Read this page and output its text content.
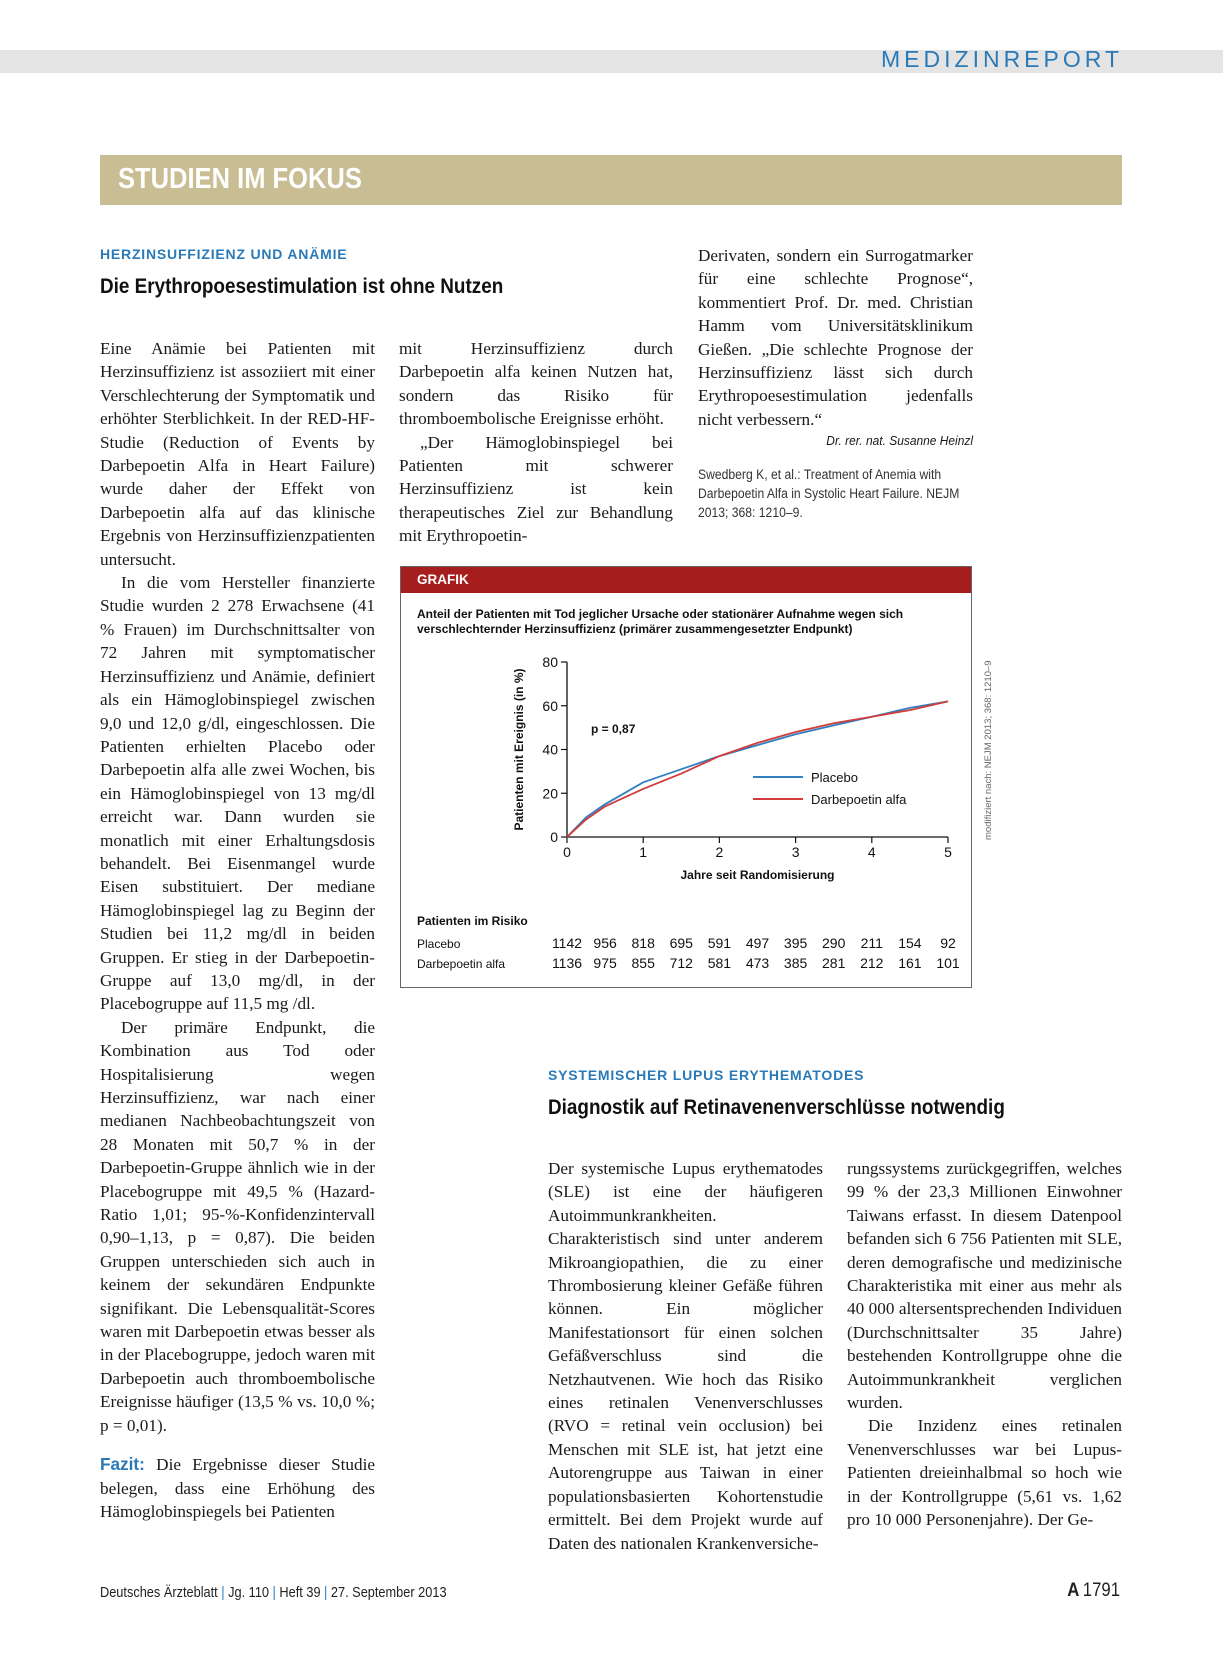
MEDIZINREPORT
STUDIEN IM FOKUS
HERZINSUFFIZIENZ UND ANÄMIE
Die Erythropoesestimulation ist ohne Nutzen

Eine Anämie bei Patienten mit Herzinsuffizienz ist assoziiert mit einer Verschlechterung der Symptomatik und erhöhter Sterblichkeit. In der RED-HF-Studie (Reduction of Events by Darbepoetin Alfa in Heart Failure) wurde daher der Effekt von Darbepoetin alfa auf das klinische Ergebnis von Herzinsuffizienzpatienten untersucht.

In die vom Hersteller finanzierte Studie wurden 2 278 Erwachsene (41 % Frauen) im Durchschnittsalter von 72 Jahren mit symptomatischer Herzinsuffizienz und Anämie, definiert als ein Hämoglobinspiegel zwischen 9,0 und 12,0 g/dl, eingeschlossen. Die Patienten erhielten Placebo oder Darbepoetin alfa alle zwei Wochen, bis ein Hämoglobinspiegel von 13 mg/dl erreicht war. Dann wurden sie monatlich mit einer Erhaltungsdosis behandelt. Bei Eisenmangel wurde Eisen substituiert. Der mediane Hämoglobinspiegel lag zu Beginn der Studien bei 11,2 mg/dl in beiden Gruppen. Er stieg in der Darbepoetin-Gruppe auf 13,0 mg/dl, in der Placebogruppe auf 11,5 mg /dl.

Der primäre Endpunkt, die Kombination aus Tod oder Hospitalisierung wegen Herzinsuffizienz, war nach einer medianen Nachbeobachtungszeit von 28 Monaten mit 50,7 % in der Darbepoetin-Gruppe ähnlich wie in der Placebogruppe mit 49,5 % (Hazard-Ratio 1,01; 95-%-Konfidenzintervall 0,90–1,13, p = 0,87). Die beiden Gruppen unterschieden sich auch in keinem der sekundären Endpunkte signifikant. Die Lebensqualität-Scores waren mit Darbepoetin etwas besser als in der Placebogruppe, jedoch waren mit Darbepoetin auch thromboembolische Ereignisse häufiger (13,5 % vs. 10,0 %; p = 0,01).

Fazit: Die Ergebnisse dieser Studie belegen, dass eine Erhöhung des Hämoglobinspiegels bei Patienten

mit Herzinsuffizienz durch Darbepoetin alfa keinen Nutzen hat, sondern das Risiko für thromboembolische Ereignisse erhöht.

„Der Hämoglobinspiegel bei Patienten mit schwerer Herzinsuffizienz ist kein therapeutisches Ziel zur Behandlung mit Erythropoetin-

Derivaten, sondern ein Surrogatmarker für eine schlechte Prognose“, kommentiert Prof. Dr. med. Christian Hamm vom Universitätsklinikum Gießen. „Die schlechte Prognose der Herzinsuffizienz lässt sich durch Erythropoesestimulation jedenfalls nicht verbessern.“

Dr. rer. nat. Susanne Heinzl
Swedberg K, et al.: Treatment of Anemia with Darbepoetin Alfa in Systolic Heart Failure. NEJM 2013; 368: 1210–9.
GRAFIK
Anteil der Patienten mit Tod jeglicher Ursache oder stationärer Aufnahme wegen sich verschlechternder Herzinsuffizienz (primärer zusammengesetzter Endpunkt)
0	1	2	3	4	5
0
20
40
60
80
Jahre seit Randomisierung
Patienten mit Ereignis (in %)	p = 0,87
Placebo
Darbepoetin alfa
Patienten im Risiko
Placebo	1142 956 818 695 591 497 395 290 211 154 92
Darbepoetin alfa	1136 975 855 712 581 473 385 281 212 161 101
modifiziert nach: NEJM 2013; 368: 1210–9
SYSTEMISCHER LUPUS ERYTHEMATODES
Diagnostik auf Retinavenenverschlüsse notwendig

Der systemische Lupus erythematodes (SLE) ist eine der häufigeren Autoimmunkrankheiten. Charakteristisch sind unter anderem Mikroangiopathien, die zu einer Thrombosierung kleiner Gefäße führen können. Ein möglicher Manifestationsort für einen solchen Gefäßverschluss sind die Netzhautvenen. Wie hoch das Risiko eines retinalen Venenverschlusses (RVO = retinal vein occlusion) bei Menschen mit SLE ist, hat jetzt eine Autorengruppe aus Taiwan in einer populationsbasierten Kohortenstudie ermittelt. Bei dem Projekt wurde auf Daten des nationalen Krankenversiche-

rungssystems zurückgegriffen, welches 99 % der 23,3 Millionen Einwohner Taiwans erfasst. In diesem Datenpool befanden sich 6 756 Patienten mit SLE, deren demografische und medizinische Charakteristika mit einer aus mehr als 40 000 altersentsprechenden Individuen (Durchschnittsalter 35 Jahre) bestehenden Kontrollgruppe ohne die Autoimmunkrankheit verglichen wurden.

Die Inzidenz eines retinalen Venenverschlusses war bei Lupus-Patienten dreieinhalbmal so hoch wie in der Kontrollgruppe (5,61 vs. 1,62 pro 10 000 Personenjahre). Der Ge-

Deutsches Ärzteblatt | Jg. 110 | Heft 39 | 27. September 2013	A 1791
